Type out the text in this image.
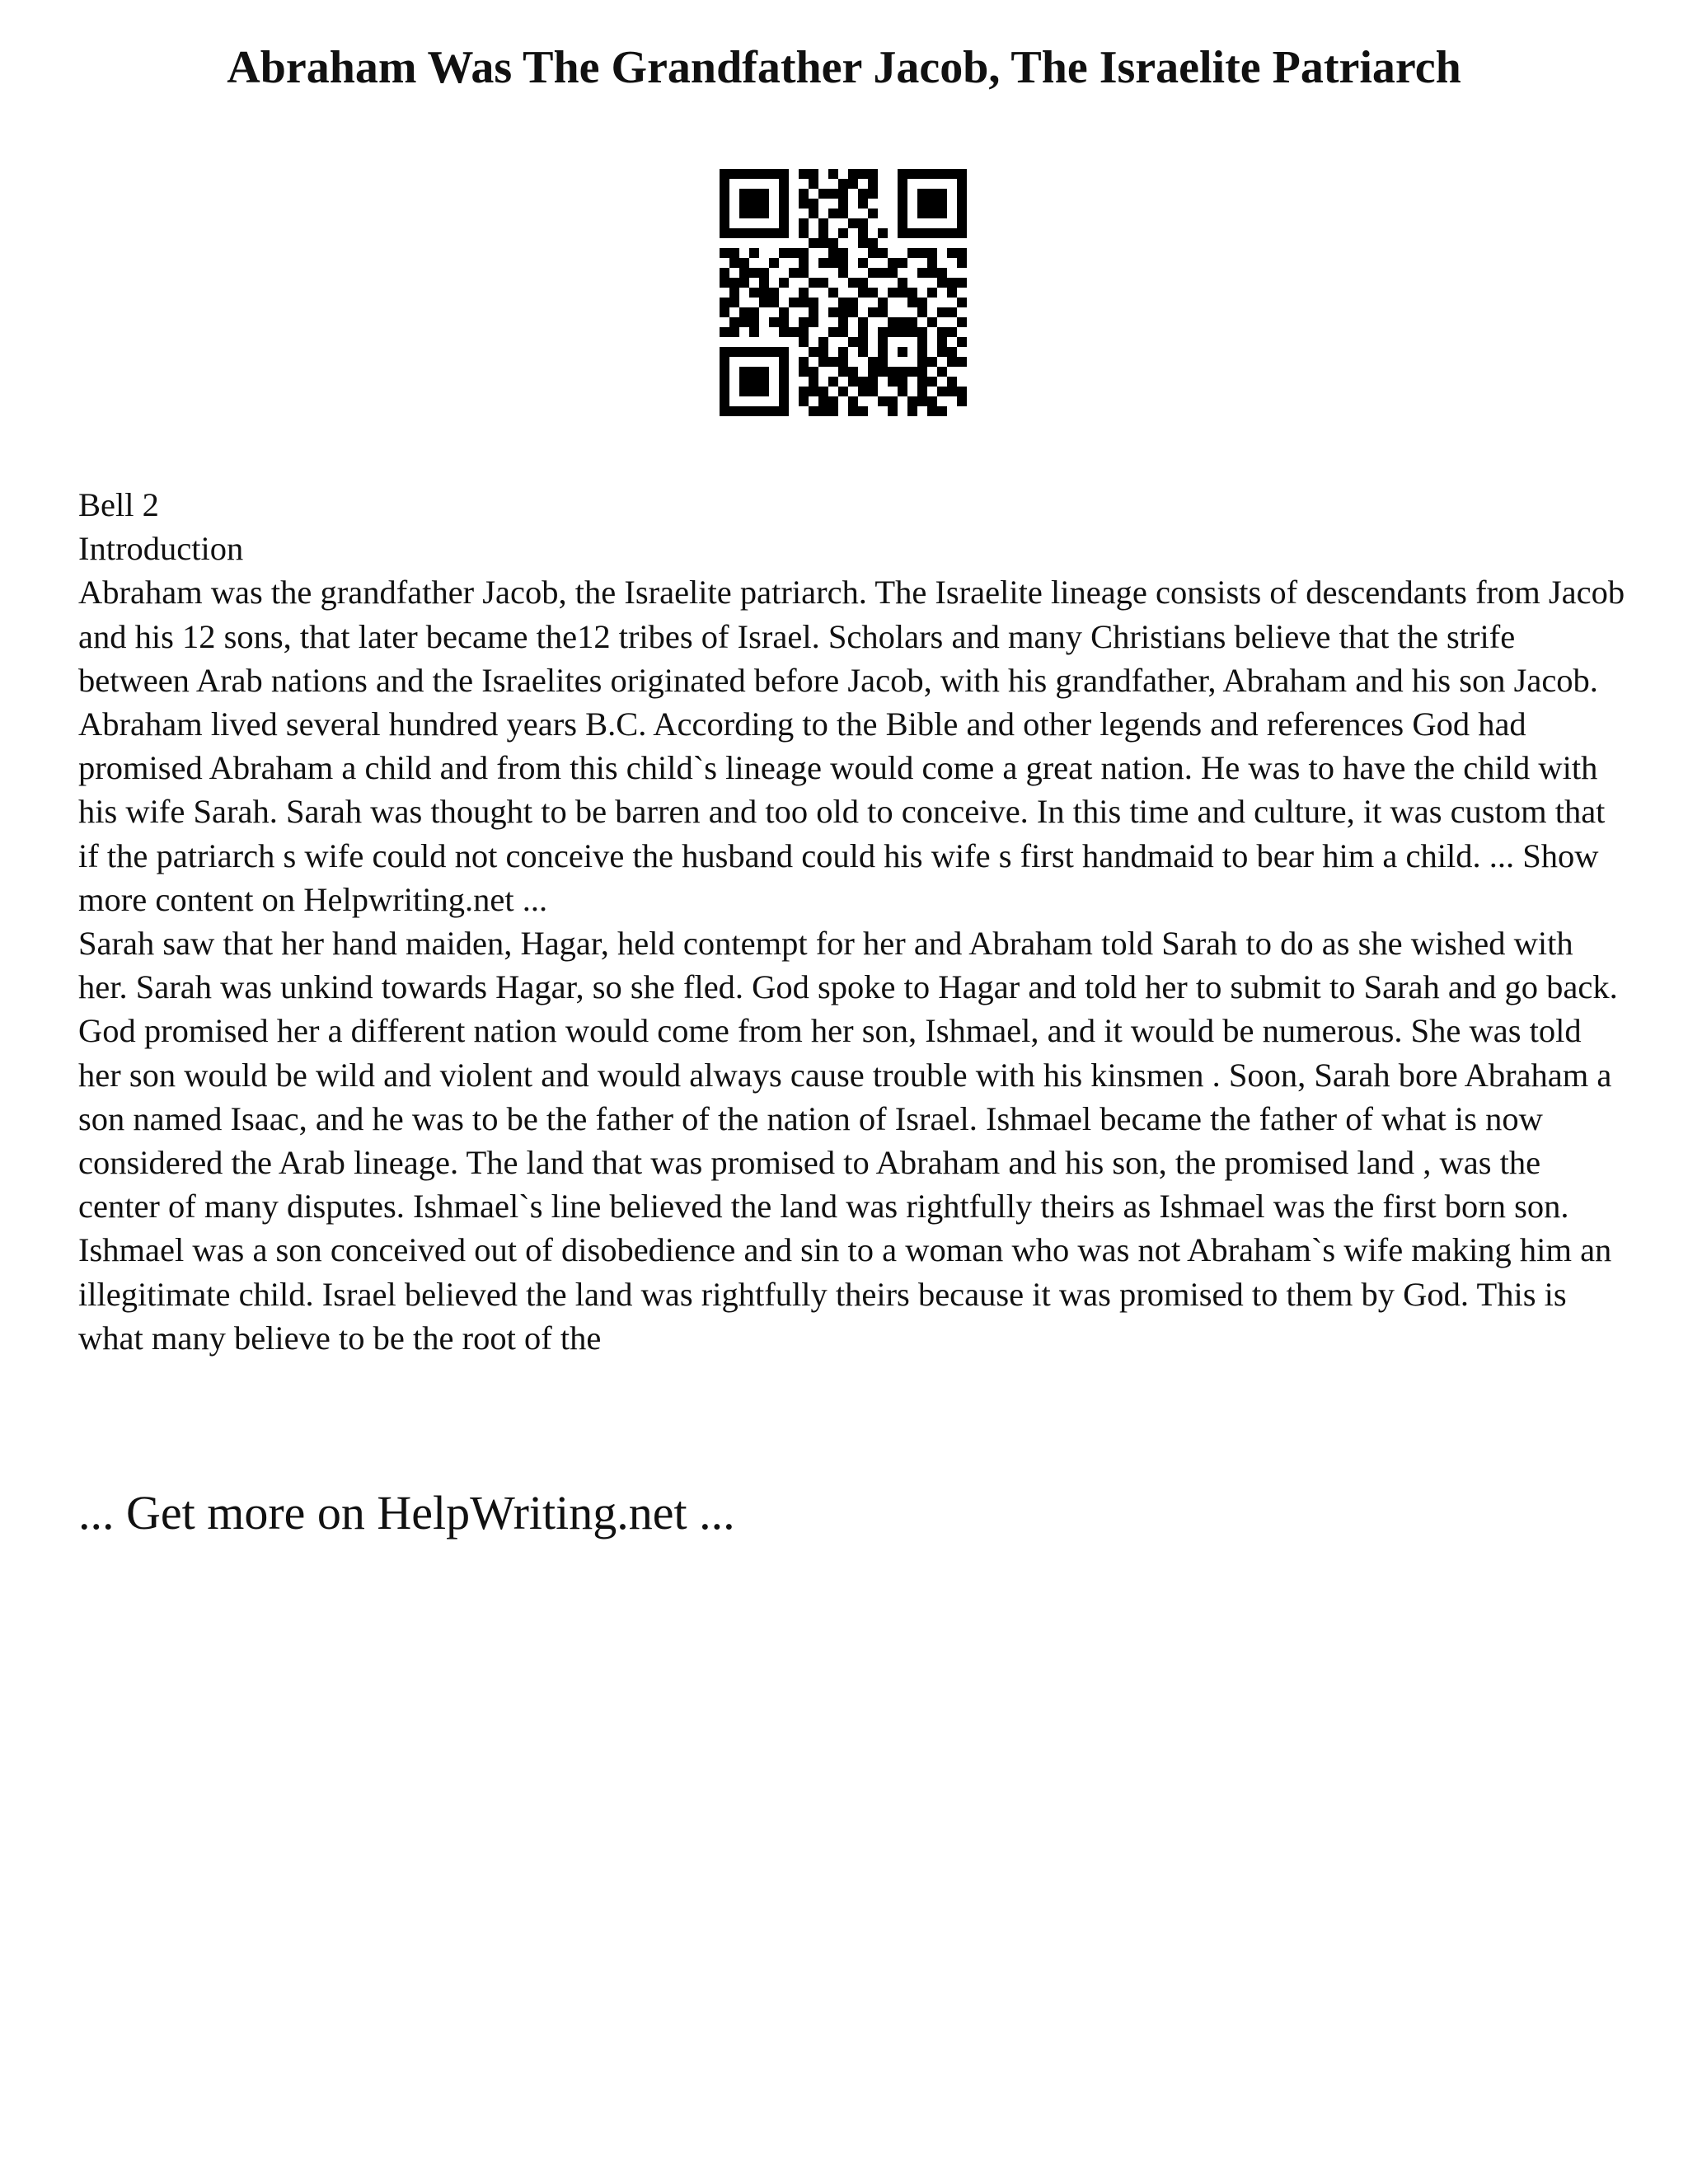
Abraham Was The Grandfather Jacob, The Israelite Patriarch

Bell 2

Introduction

Abraham was the grandfather Jacob, the Israelite patriarch. The Israelite lineage consists of descendants from Jacob and his 12 sons, that later became the12 tribes of Israel. Scholars and many Christians believe that the strife between Arab nations and the Israelites originated before Jacob, with his grandfather, Abraham and his son Jacob. Abraham lived several hundred years B.C. According to the Bible and other legends and references God had promised Abraham a child and from this child`s lineage would come a great nation. He was to have the child with his wife Sarah. Sarah was thought to be barren and too old to conceive. In this time and culture, it was custom that if the patriarch s wife could not conceive the husband could his wife s first handmaid to bear him a child. ... Show more content on Helpwriting.net ...

Sarah saw that her hand maiden, Hagar, held contempt for her and Abraham told Sarah to do as she wished with her. Sarah was unkind towards Hagar, so she fled. God spoke to Hagar and told her to submit to Sarah and go back. God promised her a different nation would come from her son, Ishmael, and it would be numerous. She was told her son would be wild and violent and would always cause trouble with his kinsmen . Soon, Sarah bore Abraham a son named Isaac, and he was to be the father of the nation of Israel. Ishmael became the father of what is now considered the Arab lineage. The land that was promised to Abraham and his son, the promised land , was the center of many disputes. Ishmael`s line believed the land was rightfully theirs as Ishmael was the first born son. Ishmael was a son conceived out of disobedience and sin to a woman who was not Abraham`s wife making him an illegitimate child. Israel believed the land was rightfully theirs because it was promised to them by God. This is what many believe to be the root of the

... Get more on HelpWriting.net ...
